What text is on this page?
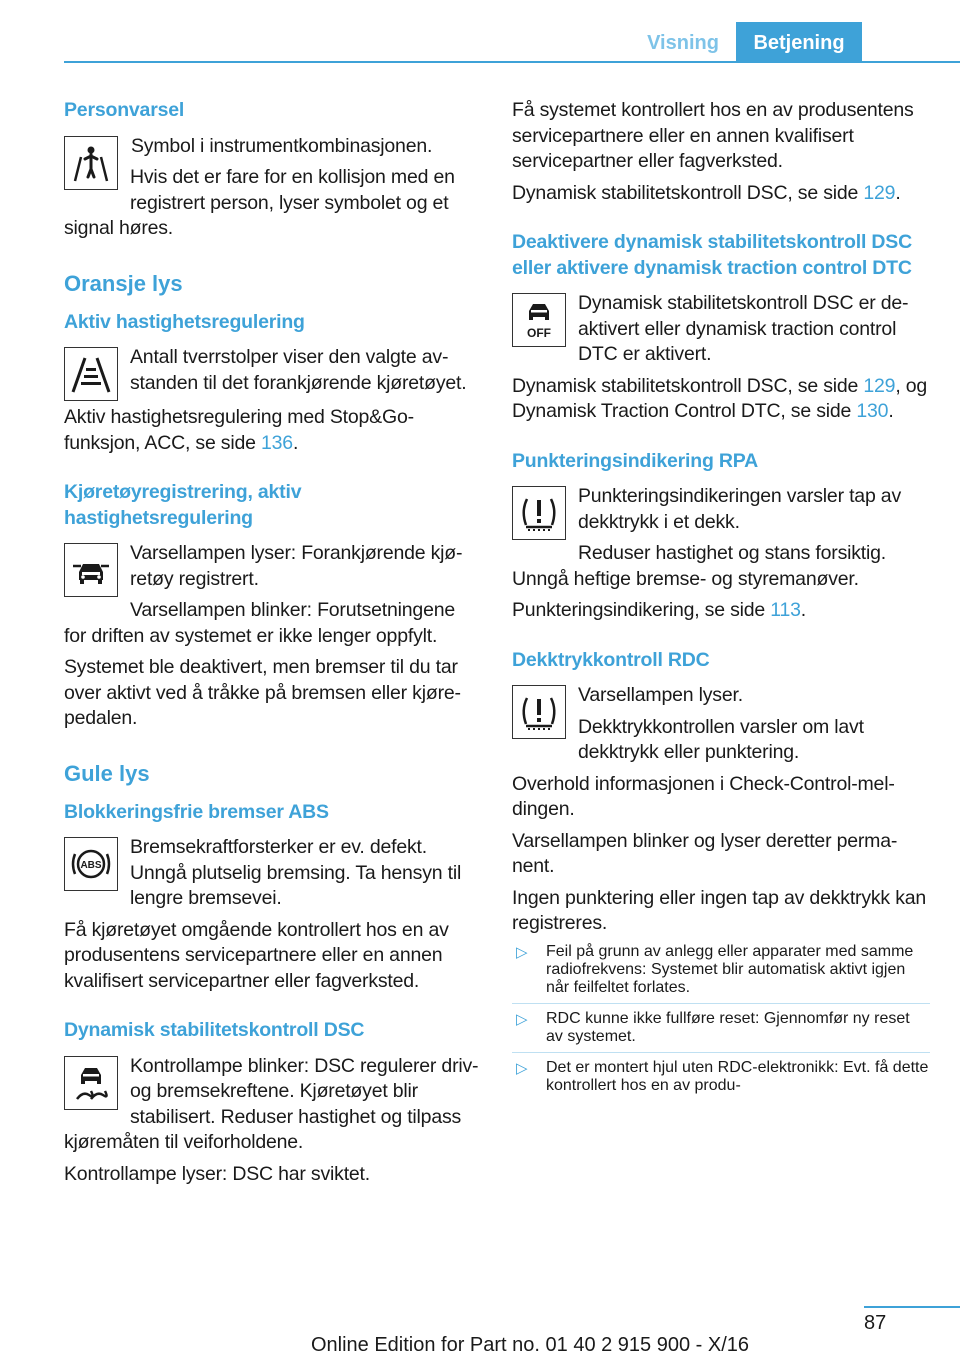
Visning	Betjening
Personvarsel

Symbol i instrumentkombinasjonen.

Hvis det er fare for en kollisjon med en registrert person, lyser symbolet og et signal høres.

Oransje lys
Aktiv hastighetsregulering

Antall tverrstolper viser den valgte avstanden til det forankjørende kjøretøyet.

Aktiv hastighetsregulering med Stop&Go-funksjon, ACC, se side 136.

Kjøretøyregistrering, aktiv hastighetsregulering

Varsellampen lyser: Forankjørende kjøretøy registrert.

Varsellampen blinker: Forutsetningene for driften av systemet er ikke lenger oppfylt.

Systemet ble deaktivert, men bremser til du tar over aktivt ved å tråkke på bremsen eller kjørepedalen.

Gule lys
Blokkeringsfrie bremser ABS
ABS

Bremsekraftforsterker er ev. defekt. Unngå plutselig bremsing. Ta hensyn til lengre bremsevei.

Få kjøretøyet omgående kontrollert hos en av produsentens servicepartnere eller en annen kvalifisert servicepartner eller fagverksted.

Dynamisk stabilitetskontroll DSC

Kontrollampe blinker: DSC regulerer driv- og bremsekreftene. Kjøretøyet blir stabilisert. Reduser hastighet og tilpass kjøremåten til veiforholdene.

Kontrollampe lyser: DSC har sviktet.

Få systemet kontrollert hos en av produsentens servicepartnere eller en annen kvalifisert servicepartner eller fagverksted.

Dynamisk stabilitetskontroll DSC, se side 129.

Deaktivere dynamisk stabilitetskontroll DSC eller aktivere dynamisk traction control DTC
OFF

Dynamisk stabilitetskontroll DSC er deaktivert eller dynamisk traction control DTC er aktivert.

Dynamisk stabilitetskontroll DSC, se side 129, og Dynamisk Traction Control DTC, se side 130.

Punkteringsindikering RPA

Punkteringsindikeringen varsler tap av dekktrykk i et dekk.

Reduser hastighet og stans forsiktig. Unngå heftige bremse- og styremanøver.

Punkteringsindikering, se side 113.

Dekktrykkontroll RDC

Varsellampen lyser.

Dekktrykkontrollen varsler om lavt dekktrykk eller punktering.

Overhold informasjonen i Check-Control-meldingen.

Varsellampen blinker og lyser deretter permanent.

Ingen punktering eller ingen tap av dekktrykk kan registreres.

▷ Feil på grunn av anlegg eller apparater med samme radiofrekvens: Systemet blir automatisk aktivt igjen når feilfeltet forlates.
▷ RDC kunne ikke fullføre reset: Gjennomfør ny reset av systemet.
▷ Det er montert hjul uten RDC-elektronikk: Evt. få dette kontrollert hos en av produ-
87
Online Edition for Part no. 01 40 2 915 900 - X/16
